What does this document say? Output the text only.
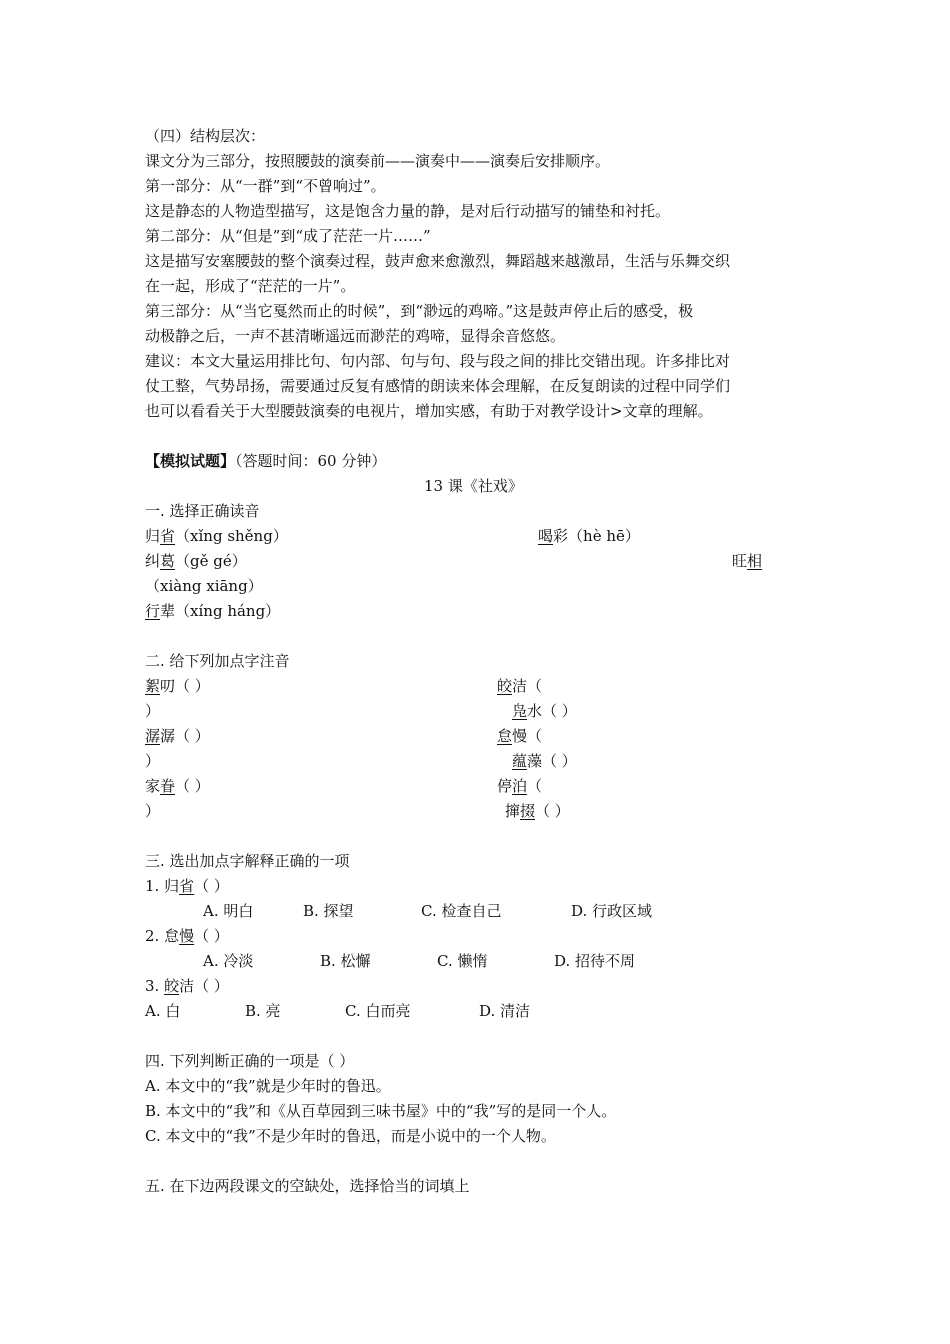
（四）结构层次：
课文分为三部分，按照腰鼓的演奏前——演奏中——演奏后安排顺序。
第一部分：从“一群”到“不曾响过”。
这是静态的人物造型描写，这是饱含力量的静，是对后行动描写的铺垫和衬托。
第二部分：从“但是”到“成了茫茫一片……”
这是描写安塞腰鼓的整个演奏过程，鼓声愈来愈激烈，舞蹈越来越激昂，生活与乐舞交织
在一起，形成了“茫茫的一片”。
第三部分：从“当它戛然而止的时候”，到“渺远的鸡啼。”这是鼓声停止后的感受，极
动极静之后，一声不甚清晰遥远而渺茫的鸡啼，显得余音悠悠。
建议：本文大量运用排比句、句内部、句与句、段与段之间的排比交错出现。许多排比对
仗工整，气势昂扬，需要通过反复有感情的朗读来体会理解，在反复朗读的过程中同学们
也可以看看关于大型腰鼓演奏的电视片，增加实感，有助于对教学设计>文章的理解。
【模拟试题】（答题时间：60 分钟）
13 课《社戏》
一. 选择正确读音
归省（xǐng shěng）	喝彩（hè hē）
纠葛（gě gé）	旺相
（xiàng xiāng）
行辈（xíng háng）
二. 给下列加点字注音
絮叨（ ）	皎洁（
）	凫水（ ）
潺潺（ ）	怠慢（
）	蕴藻（ ）
家眷（ ）	停泊（
）	撺掇（ ）
三. 选出加点字解释正确的一项
1. 归省（ ）
A. 明白	B. 探望	C. 检查自己	D. 行政区域
2. 怠慢（ ）
A. 冷淡	B. 松懈	C. 懒惰	D. 招待不周
3. 皎洁（ ）
A. 白	B. 亮	C. 白而亮	D. 清洁
四. 下列判断正确的一项是（ ）
A. 本文中的“我”就是少年时的鲁迅。
B. 本文中的“我”和《从百草园到三味书屋》中的“我”写的是同一个人。
C. 本文中的“我”不是少年时的鲁迅，而是小说中的一个人物。
五. 在下边两段课文的空缺处，选择恰当的词填上
